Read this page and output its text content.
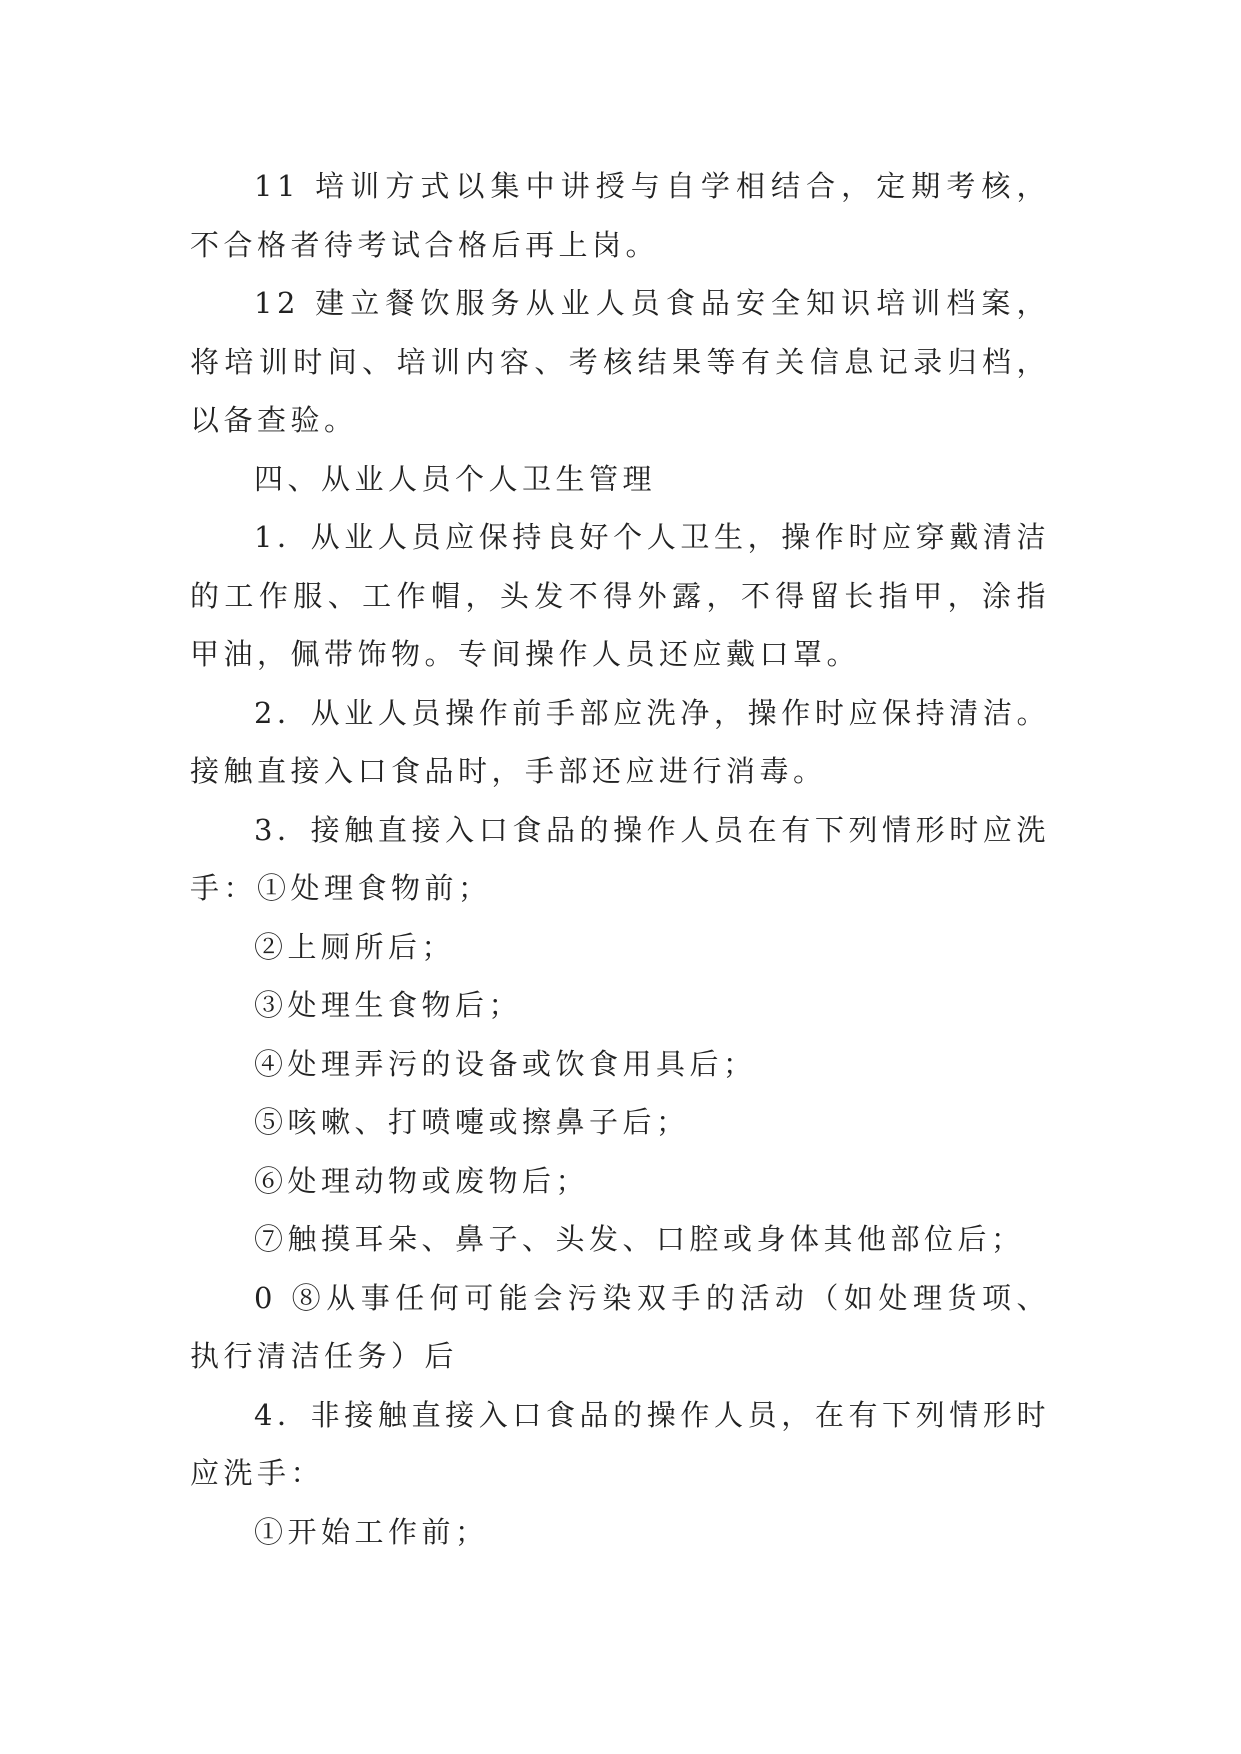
11 培训方式以集中讲授与自学相结合，定期考核，不合格者待考试合格后再上岗。

12 建立餐饮服务从业人员食品安全知识培训档案，将培训时间、培训内容、考核结果等有关信息记录归档，以备查验。

四、从业人员个人卫生管理

1．从业人员应保持良好个人卫生，操作时应穿戴清洁的工作服、工作帽，头发不得外露，不得留长指甲，涂指甲油，佩带饰物。专间操作人员还应戴口罩。

2．从业人员操作前手部应洗净，操作时应保持清洁。接触直接入口食品时，手部还应进行消毒。

3．接触直接入口食品的操作人员在有下列情形时应洗手：①处理食物前；

②上厕所后；

③处理生食物后；

④处理弄污的设备或饮食用具后；

⑤咳嗽、打喷嚏或擦鼻子后；

⑥处理动物或废物后；

⑦触摸耳朵、鼻子、头发、口腔或身体其他部位后；

0 ⑧从事任何可能会污染双手的活动（如处理货项、执行清洁任务）后

4．非接触直接入口食品的操作人员，在有下列情形时应洗手：

①开始工作前；
